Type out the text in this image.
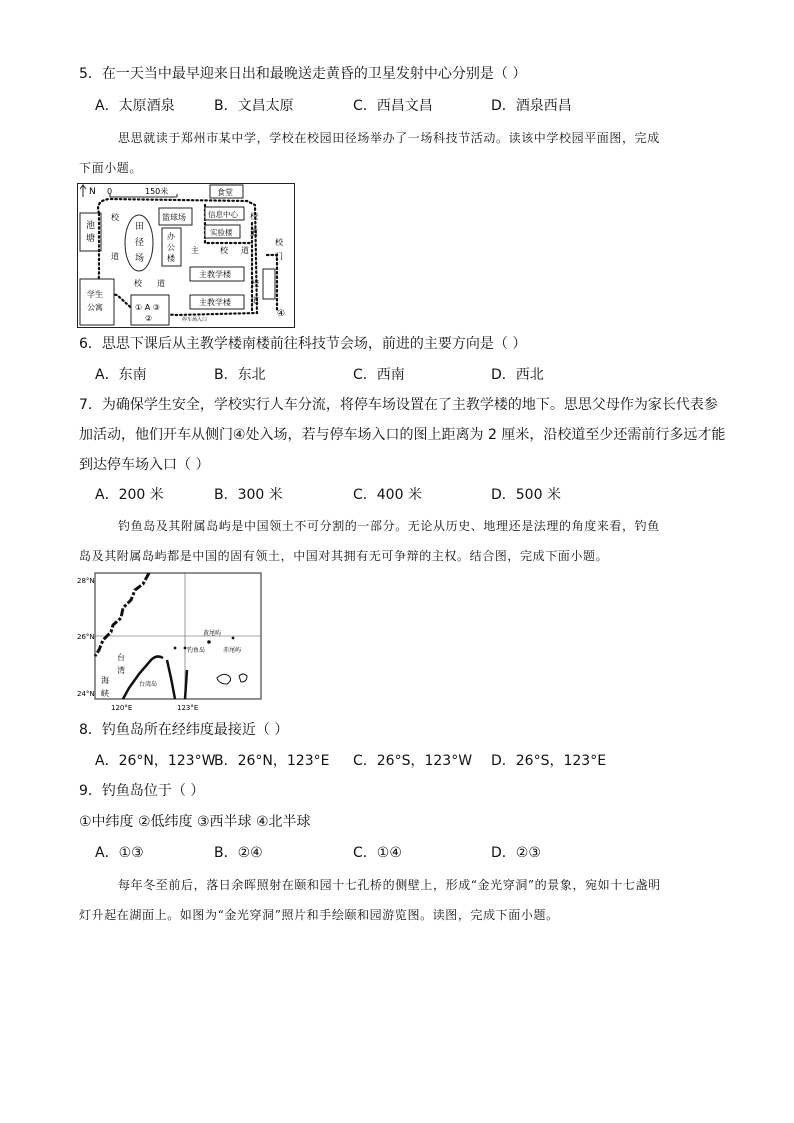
5．在一天当中最早迎来日出和最晚送走黄昏的卫星发射中心分别是（ ）
A．太原酒泉	B．文昌太原	C．西昌文昌	D．酒泉西昌
思思就读于郑州市某中学，学校在校园田径场举办了一场科技节活动。读该中学校园平面图，完成
下面小题。
N 0	150米	食堂
池
塘
田
径
场
篮球场
办
公
楼
信息中心
实验楼
主教学楼
主教学楼
校
道
校 道
主	校 道
校
道
校
道
校
门
学生
公寓	① A ③
②	停车场入口
④
6．思思下课后从主教学楼南楼前往科技节会场，前进的主要方向是（ ）
A．东南	B．东北	C．西南	D．西北
7．为确保学生安全，学校实行人车分流，将停车场设置在了主教学楼的地下。思思父母作为家长代表参
加活动，他们开车从侧门④处入场，若与停车场入口的图上距离为 2 厘米，沿校道至少还需前行多远才能
到达停车场入口（ ）
A．200 米	B．300 米	C．400 米	D．500 米
钓鱼岛及其附属岛屿是中国领土不可分割的一部分。无论从历史、地理还是法理的角度来看，钓鱼
岛及其附属岛屿都是中国的固有领土，中国对其拥有无可争辩的主权。结合图，完成下面小题。
28°N
26°N
24°N
黄尾屿
钓鱼岛	赤尾屿
台
湾
海
峡
台湾岛
120°E	123°E
8．钓鱼岛所在经纬度最接近（ ）
A．26°N，123°W
B．26°N，123°E C．26°S，123°W D．26°S，123°E
9．钓鱼岛位于（ ）
①中纬度 ②低纬度 ③西半球 ④北半球
A．①③	B．②④	C．①④	D．②③
每年冬至前后，落日余晖照射在颐和园十七孔桥的侧壁上，形成“金光穿洞”的景象，宛如十七盏明
灯升起在湖面上。如图为“金光穿洞”照片和手绘颐和园游览图。读图，完成下面小题。
